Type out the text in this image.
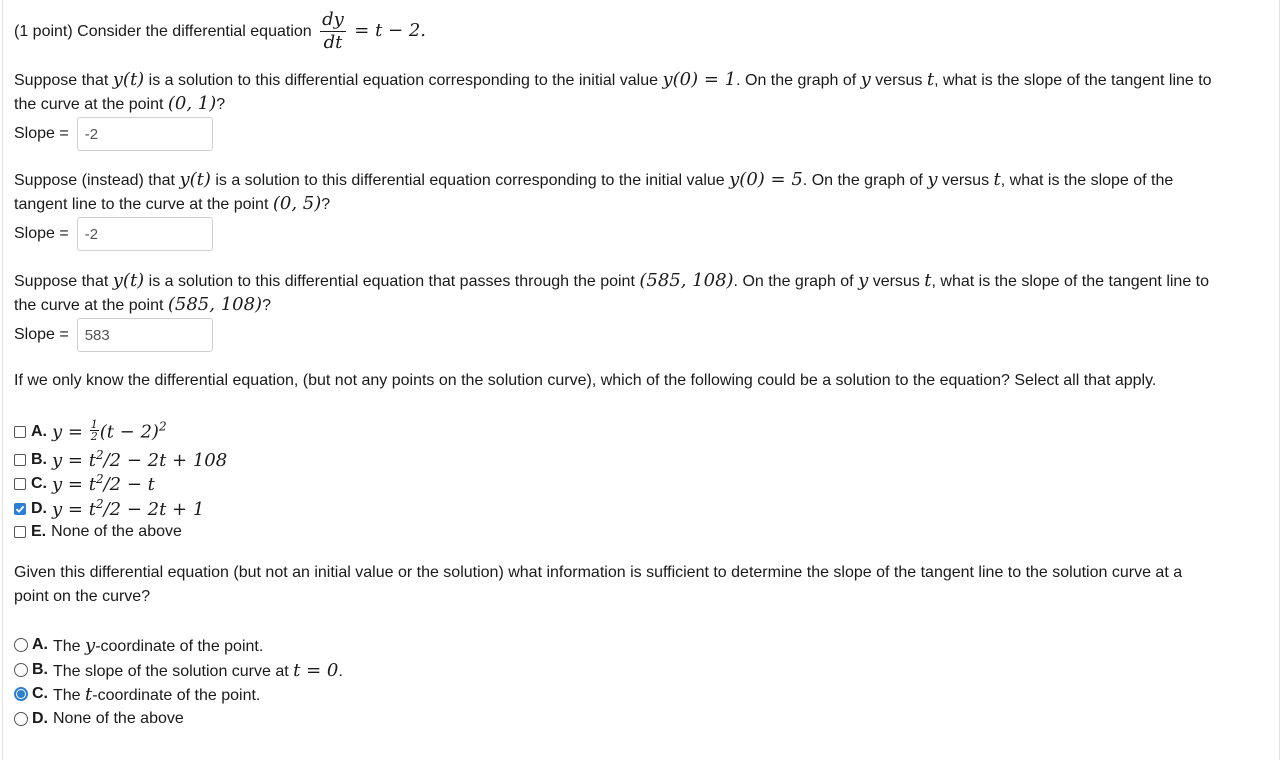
(1 point) Consider the differential equation $\frac{dy}{dt} = t - 2$.
Suppose that y(t) is a solution to this differential equation corresponding to the initial value y(0) = 1. On the graph of y versus t, what is the slope of the tangent line to
the curve at the point (0, 1)?
Slope =	-2
Suppose (instead) that y(t) is a solution to this differential equation corresponding to the initial value y(0) = 5. On the graph of y versus t, what is the slope of the
tangent line to the curve at the point (0, 5)?
Slope =	-2
Suppose that y(t) is a solution to this differential equation that passes through the point (585, 108). On the graph of y versus t, what is the slope of the tangent line to
the curve at the point (585, 108)?
Slope =	583
If we only know the differential equation, (but not any points on the solution curve), which of the following could be a solution to the equation? Select all that apply.
A. $y = \frac{1}{2} (t - 2)^2$
B. $y = t^2/2 - 2t + 108$
C. $y = t^2/2 - t$
D. $y = t^2/2 - 2t + 1$
E. None of the above
Given this differential equation (but not an initial value or the solution) what information is sufficient to determine the slope of the tangent line to the solution curve at a
point on the curve?
A. The y-coordinate of the point.
B. The slope of the solution curve at t = 0.
C. The t-coordinate of the point.
D. None of the above
